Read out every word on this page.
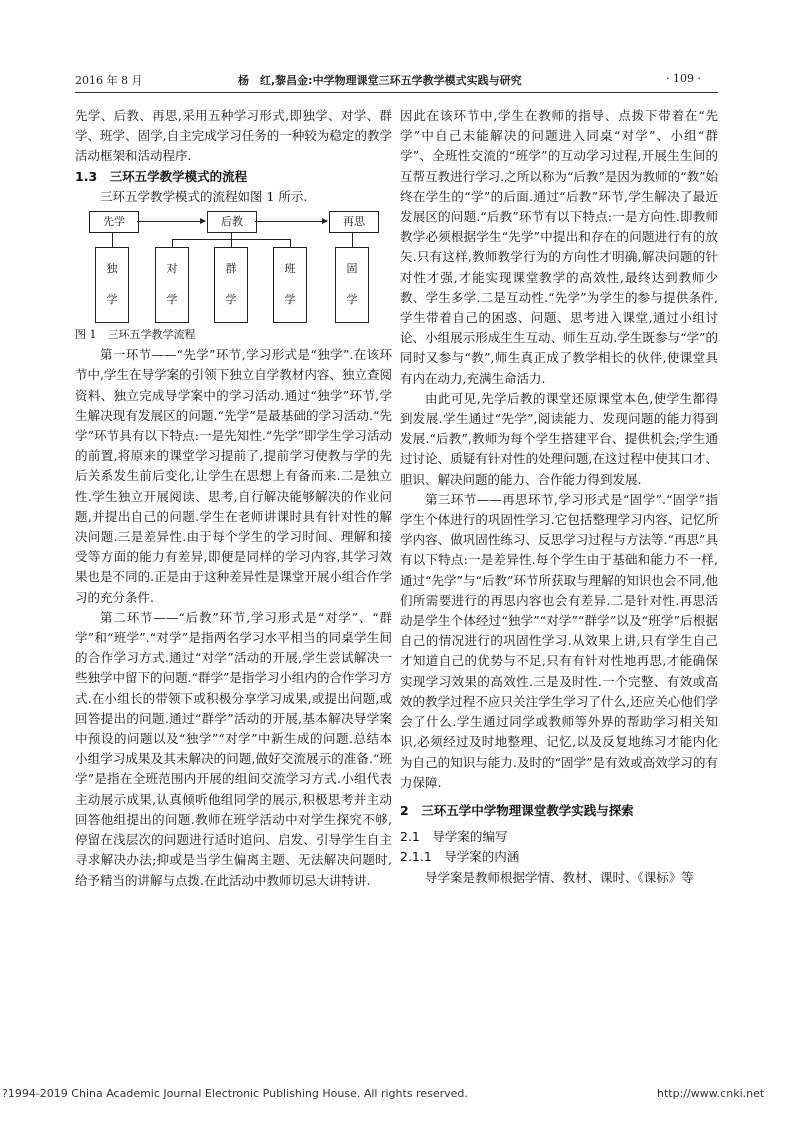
2016 年 8 月	杨　红,黎昌金:中学物理课堂三环五学教学模式实践与研究	· 109 ·

先学、后教、再思,采用五种学习形式,即独学、对学、群学、班学、固学,自主完成学习任务的一种较为稳定的教学活动框架和活动程序.

1.3　三环五学教学模式的流程

三环五学教学模式的流程如图 1 所示.

先学	后教	再思
独
学
对
学
群
学
班
学
固
学

图 1　三环五学教学流程

第一环节——“先学”环节,学习形式是“独学”.在该环节中,学生在导学案的引领下独立自学教材内容、独立查阅资料、独立完成导学案中的学习活动.通过“独学”环节,学生解决现有发展区的问题.“先学”是最基础的学习活动.“先学”环节具有以下特点:一是先知性.“先学”即学生学习活动的前置,将原来的课堂学习提前了,提前学习使教与学的先后关系发生前后变化,让学生在思想上有备而来.二是独立性.学生独立开展阅读、思考,自行解决能够解决的作业问题,并提出自己的问题.学生在老师讲课时具有针对性的解决问题.三是差异性.由于每个学生的学习时间、理解和接受等方面的能力有差异,即便是同样的学习内容,其学习效果也是不同的.正是由于这种差异性是课堂开展小组合作学习的充分条件.

第二环节——“后教”环节,学习形式是“对学”、“群学”和“班学”.“对学”是指两名学习水平相当的同桌学生间的合作学习方式.通过“对学”活动的开展,学生尝试解决一些独学中留下的问题.“群学”是指学习小组内的合作学习方式.在小组长的带领下或积极分享学习成果,或提出问题,或回答提出的问题.通过“群学”活动的开展,基本解决导学案中预设的问题以及“独学”“对学”中新生成的问题.总结本小组学习成果及其未解决的问题,做好交流展示的准备.“班学”是指在全班范围内开展的组间交流学习方式.小组代表主动展示成果,认真倾听他组同学的展示,积极思考并主动回答他组提出的问题.教师在班学活动中对学生探究不够,停留在浅层次的问题进行适时追问、启发、引导学生自主寻求解决办法;抑或是当学生偏离主题、无法解决问题时,给予精当的讲解与点拨.在此活动中教师切忌大讲特讲.

因此在该环节中,学生在教师的指导、点拨下带着在“先学”中自己未能解决的问题进入同桌“对学”、小组“群学”、全班性交流的“班学”的互动学习过程,开展生生间的互帮互教进行学习.之所以称为“后教”是因为教师的“教”始终在学生的“学”的后面.通过“后教”环节,学生解决了最近发展区的问题.“后教”环节有以下特点:一是方向性.即教师教学必须根据学生“先学”中提出和存在的问题进行有的放矢.只有这样,教师教学行为的方向性才明确,解决问题的针对性才强,才能实现课堂教学的高效性,最终达到教师少教、学生多学.二是互动性.“先学”为学生的参与提供条件,学生带着自己的困惑、问题、思考进入课堂,通过小组讨论、小组展示形成生生互动、师生互动.学生既参与“学”的同时又参与“教”,师生真正成了教学相长的伙伴,使课堂具有内在动力,充满生命活力.

由此可见,先学后教的课堂还原课堂本色,使学生都得到发展.学生通过“先学”,阅读能力、发现问题的能力得到发展.“后教”,教师为每个学生搭建平台、提供机会;学生通过讨论、质疑有针对性的处理问题,在这过程中使其口才、胆识、解决问题的能力、合作能力得到发展.

第三环节——再思环节,学习形式是“固学”.“固学”指学生个体进行的巩固性学习.它包括整理学习内容、记忆所学内容、做巩固性练习、反思学习过程与方法等.“再思”具有以下特点:一是差异性.每个学生由于基础和能力不一样,通过“先学”与“后教”环节所获取与理解的知识也会不同,他们所需要进行的再思内容也会有差异.二是针对性.再思活动是学生个体经过“独学”“对学”“群学”以及“班学”后根据自己的情况进行的巩固性学习.从效果上讲,只有学生自己才知道自己的优势与不足,只有有针对性地再思,才能确保实现学习效果的高效性.三是及时性.一个完整、有效或高效的教学过程不应只关注学生学习了什么,还应关心他们学会了什么.学生通过同学或教师等外界的帮助学习相关知识,必须经过及时地整理、记忆,以及反复地练习才能内化为自己的知识与能力.及时的“固学”是有效或高效学习的有力保障.

2　三环五学中学物理课堂教学实践与探索

2.1　导学案的编写

2.1.1　导学案的内涵

导学案是教师根据学情、教材、课时、《课标》等

?1994-2019 China Academic Journal Electronic Publishing House. All rights reserved.	http://www.cnki.net
